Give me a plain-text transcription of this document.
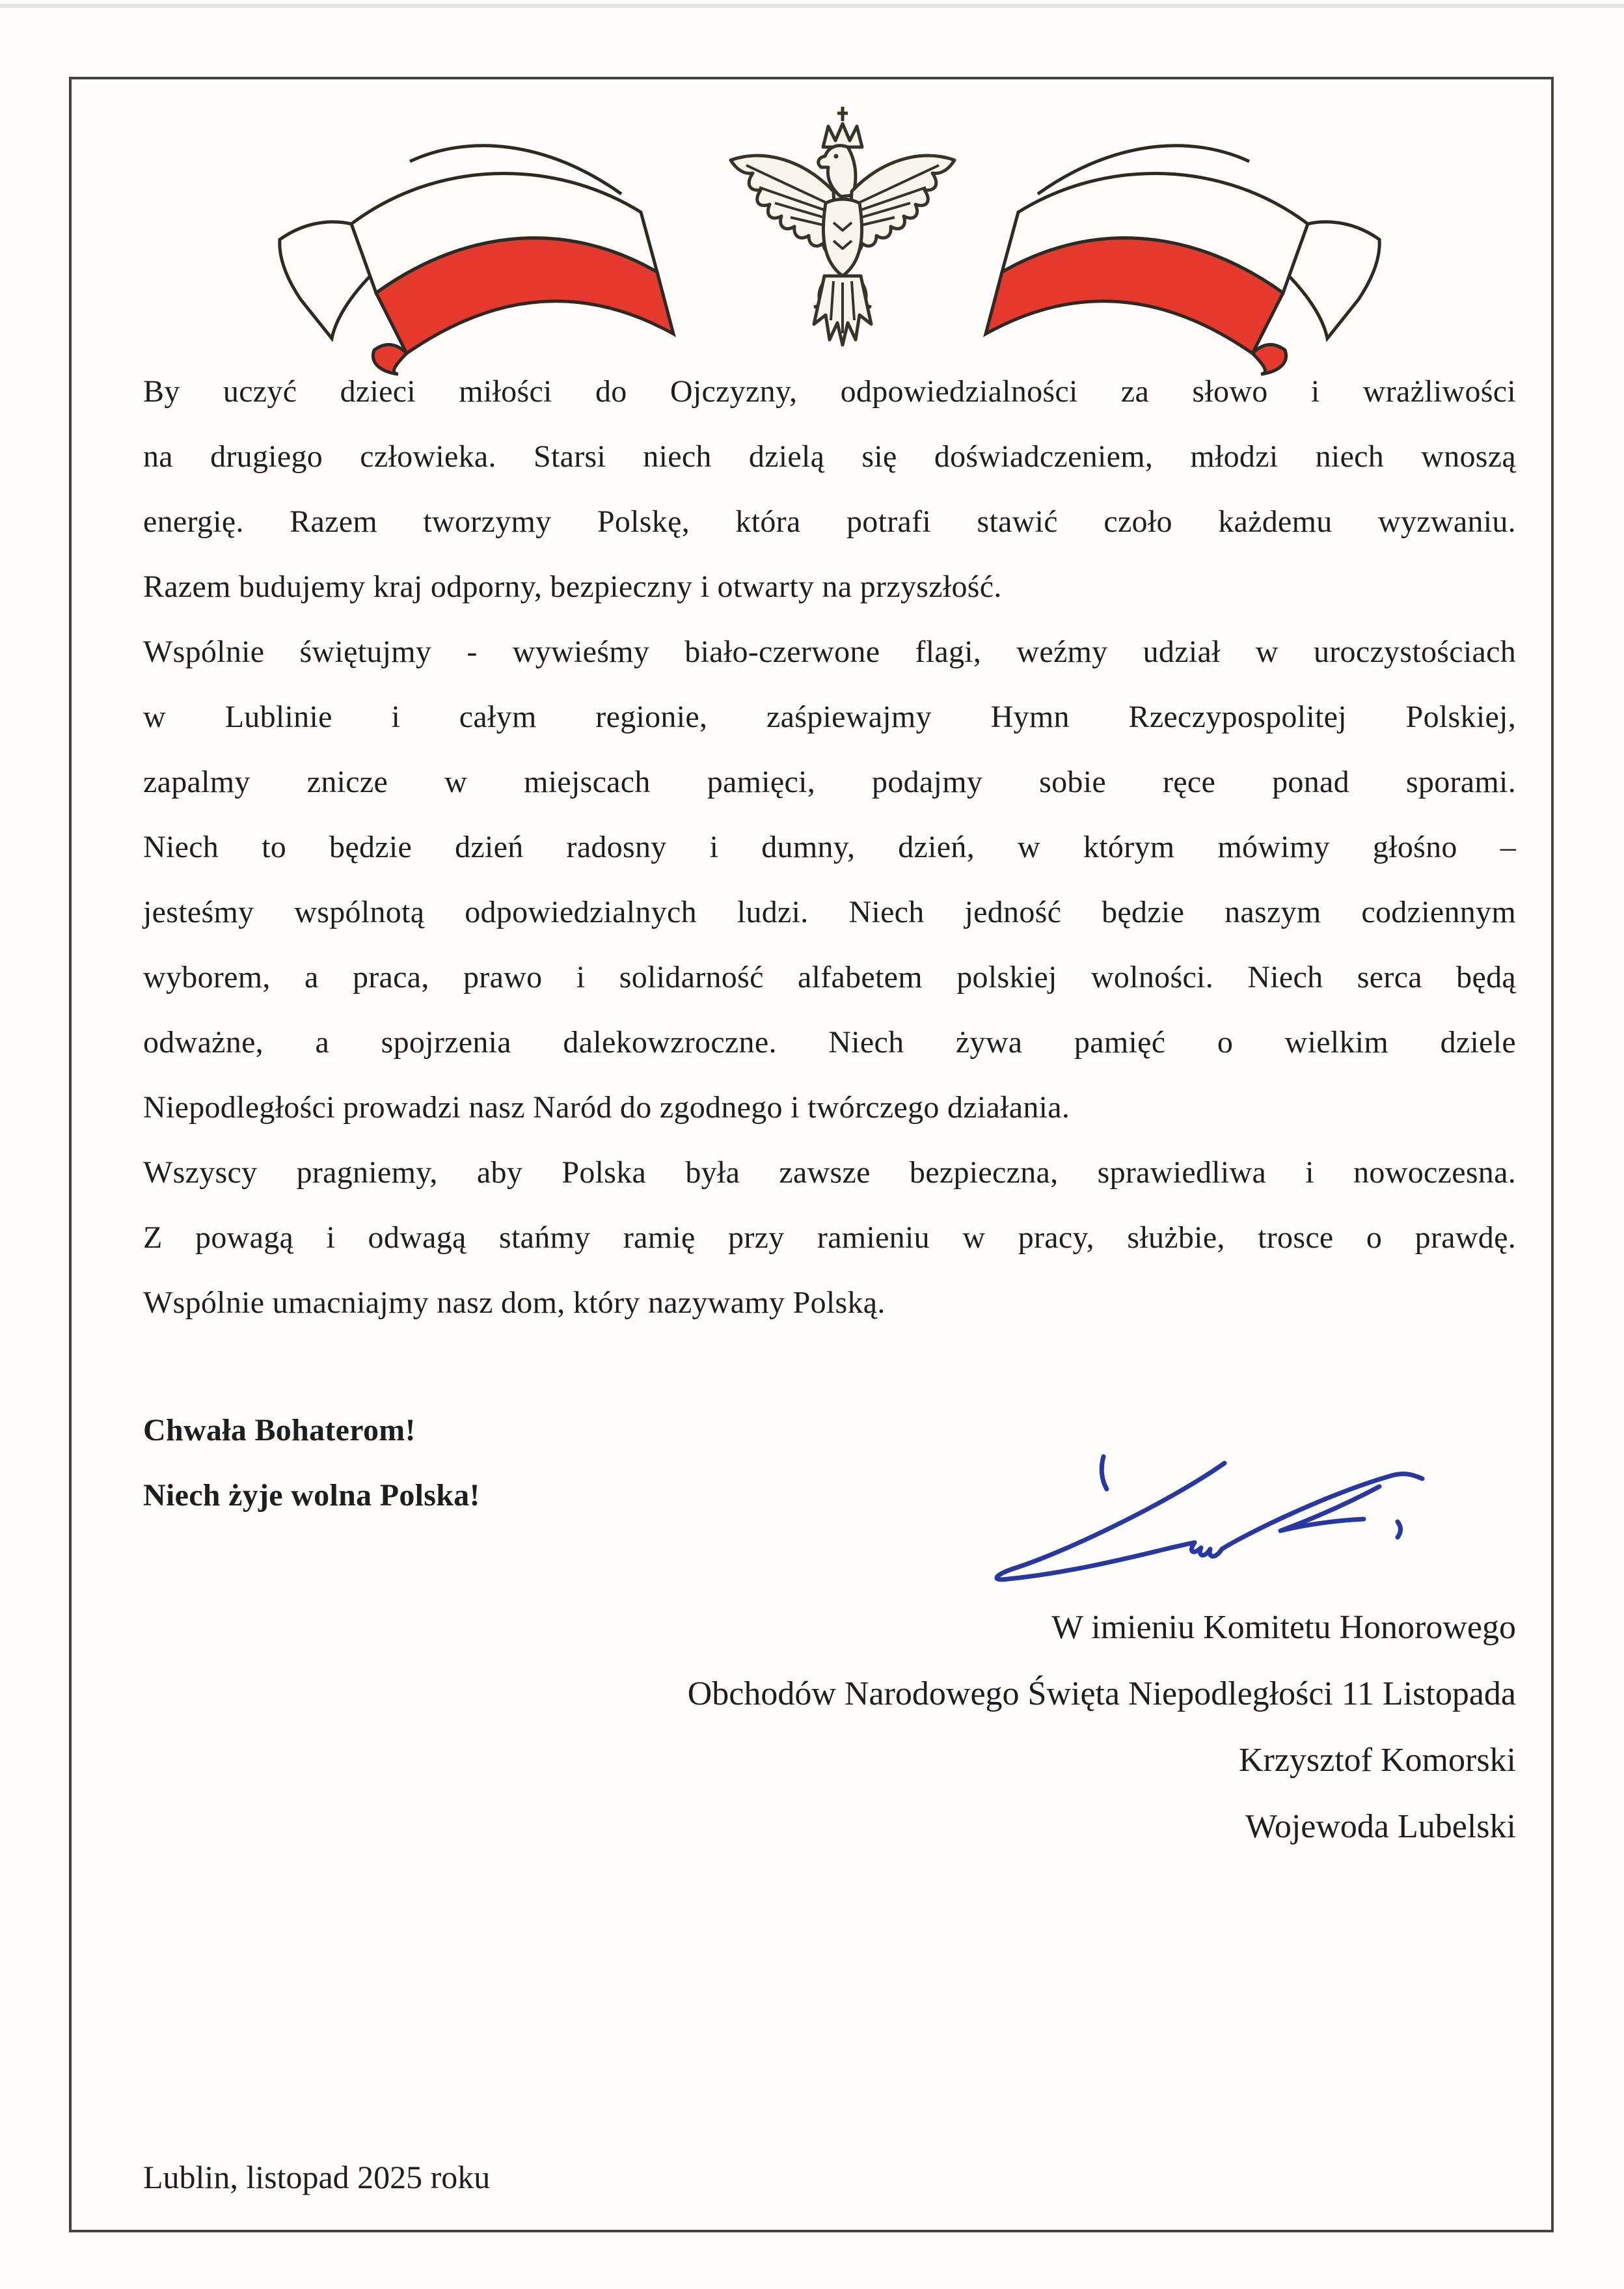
By uczyć dzieci miłości do Ojczyzny, odpowiedzialności za słowo i wrażliwości
na drugiego człowieka. Starsi niech dzielą się doświadczeniem, młodzi niech wnoszą
energię. Razem tworzymy Polskę, która potrafi stawić czoło każdemu wyzwaniu.
Razem budujemy kraj odporny, bezpieczny i otwarty na przyszłość.
Wspólnie świętujmy - wywieśmy biało-czerwone flagi, weźmy udział w uroczystościach
w Lublinie i całym regionie, zaśpiewajmy Hymn Rzeczypospolitej Polskiej,
zapalmy znicze w miejscach pamięci, podajmy sobie ręce ponad sporami.
Niech to będzie dzień radosny i dumny, dzień, w którym mówimy głośno –
jesteśmy wspólnotą odpowiedzialnych ludzi. Niech jedność będzie naszym codziennym
wyborem, a praca, prawo i solidarność alfabetem polskiej wolności. Niech serca będą
odważne, a spojrzenia dalekowzroczne. Niech żywa pamięć o wielkim dziele
Niepodległości prowadzi nasz Naród do zgodnego i twórczego działania.
Wszyscy pragniemy, aby Polska była zawsze bezpieczna, sprawiedliwa i nowoczesna.
Z powagą i odwagą stańmy ramię przy ramieniu w pracy, służbie, trosce o prawdę.
Wspólnie umacniajmy nasz dom, który nazywamy Polską.
Chwała Bohaterom!
Niech żyje wolna Polska!
W imieniu Komitetu Honorowego
Obchodów Narodowego Święta Niepodległości 11 Listopada
Krzysztof Komorski
Wojewoda Lubelski
Lublin, listopad 2025 roku
